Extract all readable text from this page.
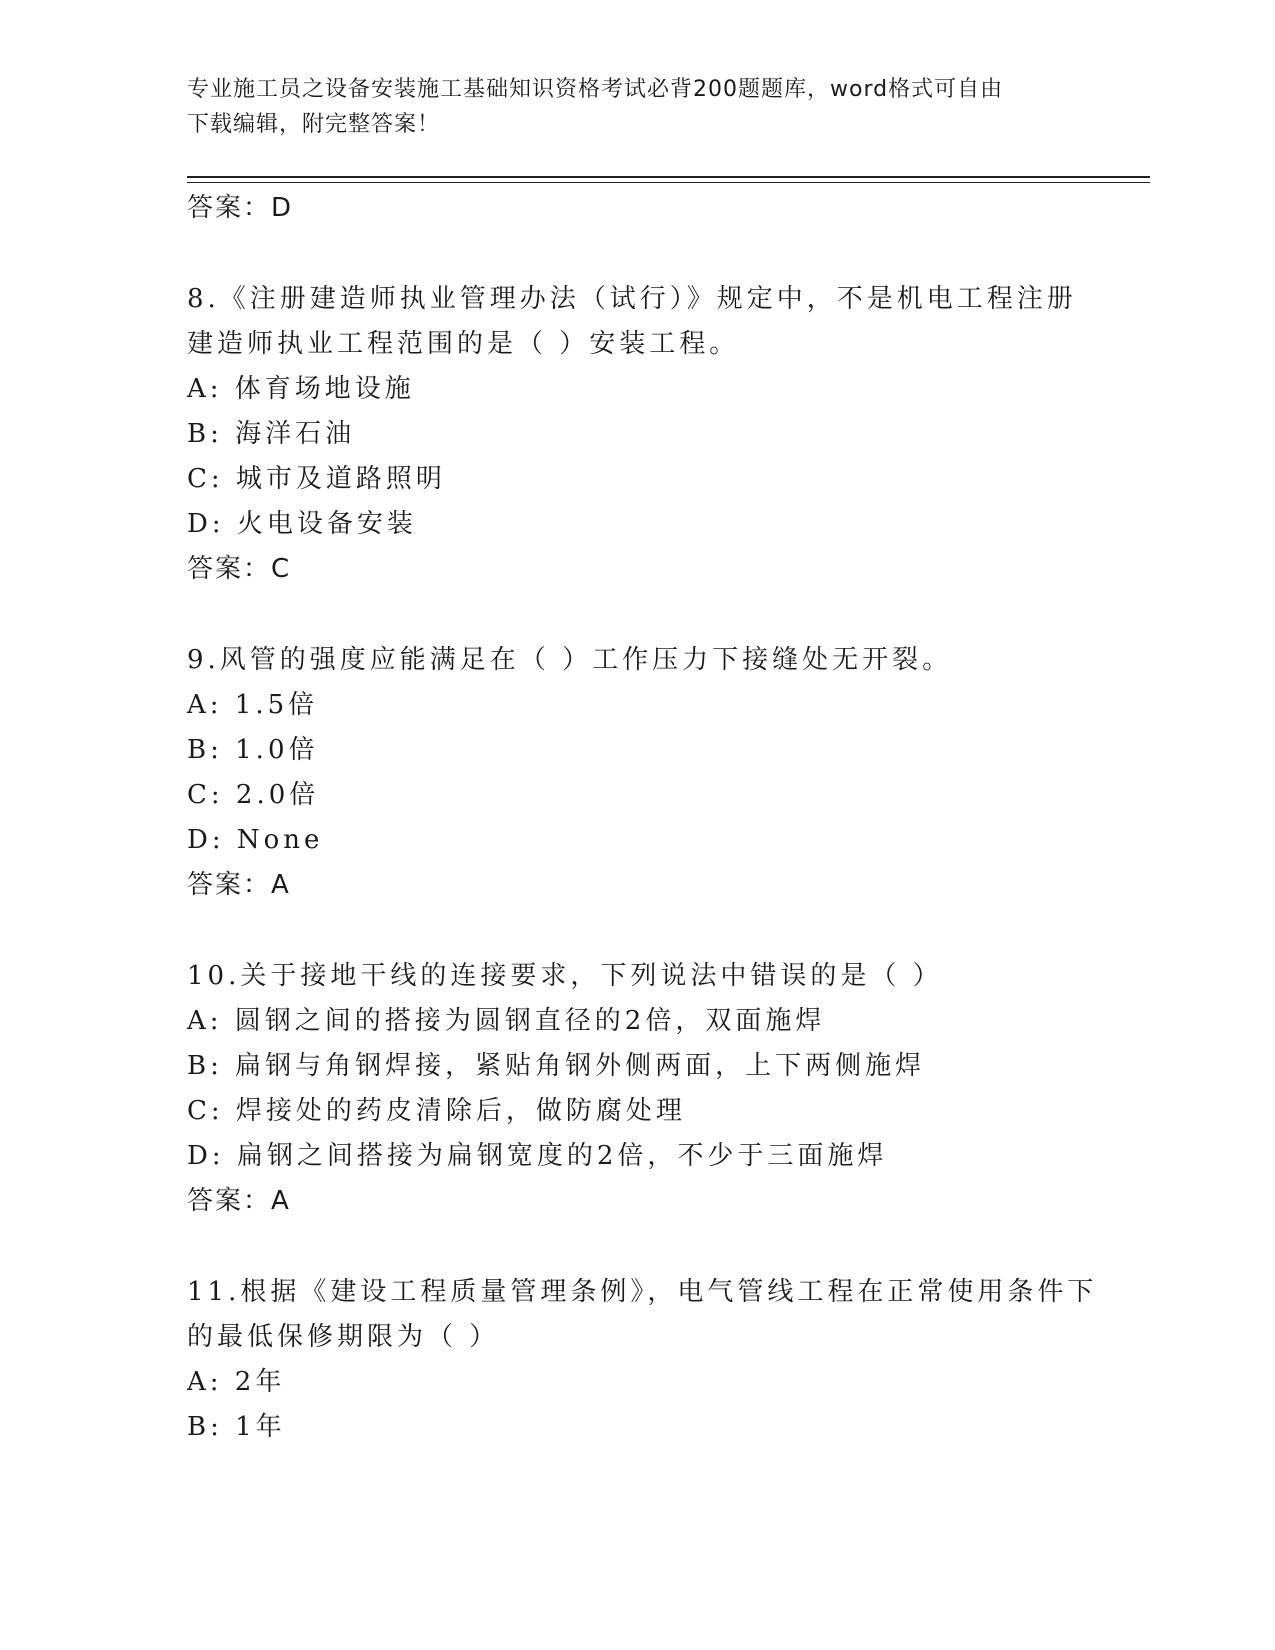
专业施工员之设备安装施工基础知识资格考试必背200题题库，word格式可自由
下载编辑，附完整答案！
答案：D
8.《注册建造师执业管理办法（试行）》规定中，不是机电工程注册
建造师执业工程范围的是（ ）安装工程。
A: 体育场地设施
B: 海洋石油
C: 城市及道路照明
D: 火电设备安装
答案：C
9.风管的强度应能满足在（ ）工作压力下接缝处无开裂。
A: 1.5倍
B: 1.0倍
C: 2.0倍
D: None
答案：A
10.关于接地干线的连接要求，下列说法中错误的是（ ）
A: 圆钢之间的搭接为圆钢直径的2倍，双面施焊
B: 扁钢与角钢焊接，紧贴角钢外侧两面，上下两侧施焊
C: 焊接处的药皮清除后，做防腐处理
D: 扁钢之间搭接为扁钢宽度的2倍，不少于三面施焊
答案：A
11.根据《建设工程质量管理条例》，电气管线工程在正常使用条件下
的最低保修期限为（ ）
A: 2年
B: 1年
